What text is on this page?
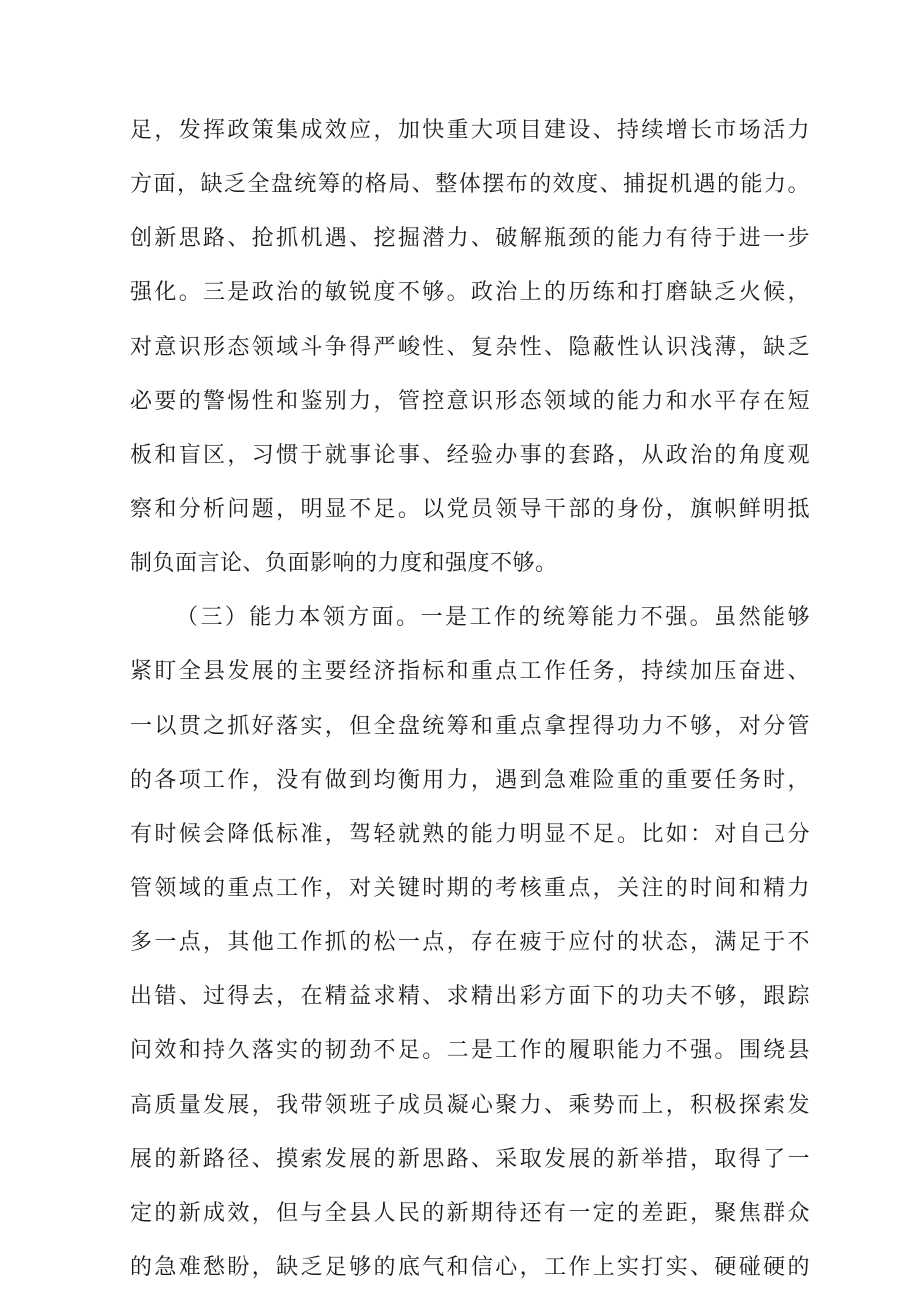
足，发挥政策集成效应，加快重大项目建设、持续增长市场活力
方面，缺乏全盘统筹的格局、整体摆布的效度、捕捉机遇的能力。
创新思路、抢抓机遇、挖掘潜力、破解瓶颈的能力有待于进一步
强化。三是政治的敏锐度不够。政治上的历练和打磨缺乏火候，
对意识形态领域斗争得严峻性、复杂性、隐蔽性认识浅薄，缺乏
必要的警惕性和鉴别力，管控意识形态领域的能力和水平存在短
板和盲区，习惯于就事论事、经验办事的套路，从政治的角度观
察和分析问题，明显不足。以党员领导干部的身份，旗帜鲜明抵
制负面言论、负面影响的力度和强度不够。
（三）能力本领方面。一是工作的统筹能力不强。虽然能够
紧盯全县发展的主要经济指标和重点工作任务，持续加压奋进、
一以贯之抓好落实，但全盘统筹和重点拿捏得功力不够，对分管
的各项工作，没有做到均衡用力，遇到急难险重的重要任务时，
有时候会降低标准，驾轻就熟的能力明显不足。比如：对自己分
管领域的重点工作，对关键时期的考核重点，关注的时间和精力
多一点，其他工作抓的松一点，存在疲于应付的状态，满足于不
出错、过得去，在精益求精、求精出彩方面下的功夫不够，跟踪
问效和持久落实的韧劲不足。二是工作的履职能力不强。围绕县
高质量发展，我带领班子成员凝心聚力、乘势而上，积极探索发
展的新路径、摸索发展的新思路、采取发展的新举措，取得了一
定的新成效，但与全县人民的新期待还有一定的差距，聚焦群众
的急难愁盼，缺乏足够的底气和信心，工作上实打实、硬碰硬的
